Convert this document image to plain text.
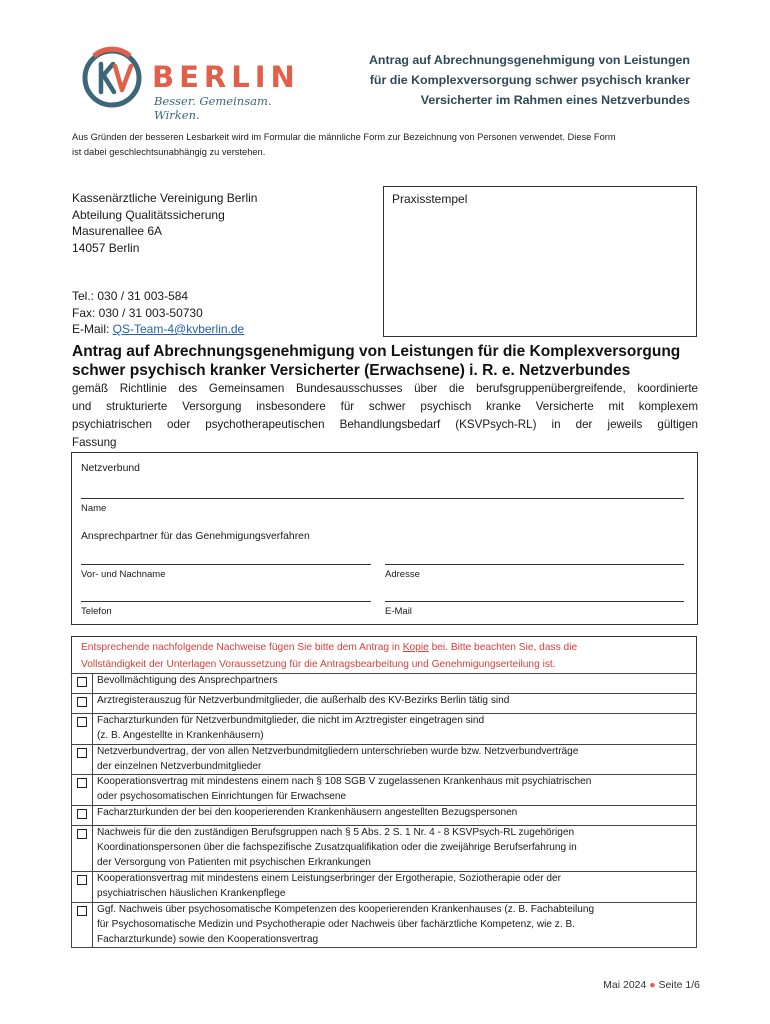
BERLIN
Besser. Gemeinsam. Wirken.
Antrag auf Abrechnungsgenehmigung von Leistungen
für die Komplexversorgung schwer psychisch kranker
Versicherter im Rahmen eines Netzverbundes
Aus Gründen der besseren Lesbarkeit wird im Formular die männliche Form zur Bezeichnung von Personen verwendet. Diese Form
ist dabei geschlechtsunabhängig zu verstehen.
Kassenärztliche Vereinigung Berlin
Abteilung Qualitätssicherung
Masurenallee 6A
14057 Berlin
Tel.: 030 / 31 003-584
Fax: 030 / 31 003-50730
E-Mail: QS-Team-4@kvberlin.de
Praxisstempel
Antrag auf Abrechnungsgenehmigung von Leistungen für die Komplexversorgung
schwer psychisch kranker Versicherter (Erwachsene) i. R. e. Netzverbundes
gemäß Richtlinie des Gemeinsamen Bundesausschusses über die berufsgruppenübergreifende, koordinierte
und strukturierte Versorgung insbesondere für schwer psychisch kranke Versicherte mit komplexem
psychiatrischen oder psychotherapeutischen Behandlungsbedarf (KSVPsych-RL) in der jeweils gültigen
Fassung
Netzverbund
Name
Ansprechpartner für das Genehmigungsverfahren
Vor- und Nachname	Adresse
Telefon	E-Mail
Entsprechende nachfolgende Nachweise fügen Sie bitte dem Antrag in Kopie bei. Bitte beachten Sie, dass die
Vollständigkeit der Unterlagen Voraussetzung für die Antragsbearbeitung und Genehmigungserteilung ist.

	Bevollmächtigung des Ansprechpartners

	Arztregisterauszug für Netzverbundmitglieder, die außerhalb des KV-Bezirks Berlin tätig sind

	Facharzturkunden für Netzverbundmitglieder, die nicht im Arztregister eingetragen sind
(z. B. Angestellte in Krankenhäusern)

	Netzverbundvertrag, der von allen Netzverbundmitgliedern unterschrieben wurde bzw. Netzverbundverträge
der einzelnen Netzverbundmitglieder

	Kooperationsvertrag mit mindestens einem nach § 108 SGB V zugelassenen Krankenhaus mit psychiatrischen
oder psychosomatischen Einrichtungen für Erwachsene

	Facharzturkunden der bei den kooperierenden Krankenhäusern angestellten Bezugspersonen

	Nachweis für die den zuständigen Berufsgruppen nach § 5 Abs. 2 S. 1 Nr. 4 - 8 KSVPsych-RL zugehörigen
Koordinationspersonen über die fachspezifische Zusatzqualifikation oder die zweijährige Berufserfahrung in
der Versorgung von Patienten mit psychischen Erkrankungen

	Kooperationsvertrag mit mindestens einem Leistungserbringer der Ergotherapie, Soziotherapie oder der
psychiatrischen häuslichen Krankenpflege

	Ggf. Nachweis über psychosomatische Kompetenzen des kooperierenden Krankenhauses (z. B. Fachabteilung
für Psychosomatische Medizin und Psychotherapie oder Nachweis über fachärztliche Kompetenz, wie z. B.
Facharzturkunde) sowie den Kooperationsvertrag
Mai 2024 ● Seite 1/6
